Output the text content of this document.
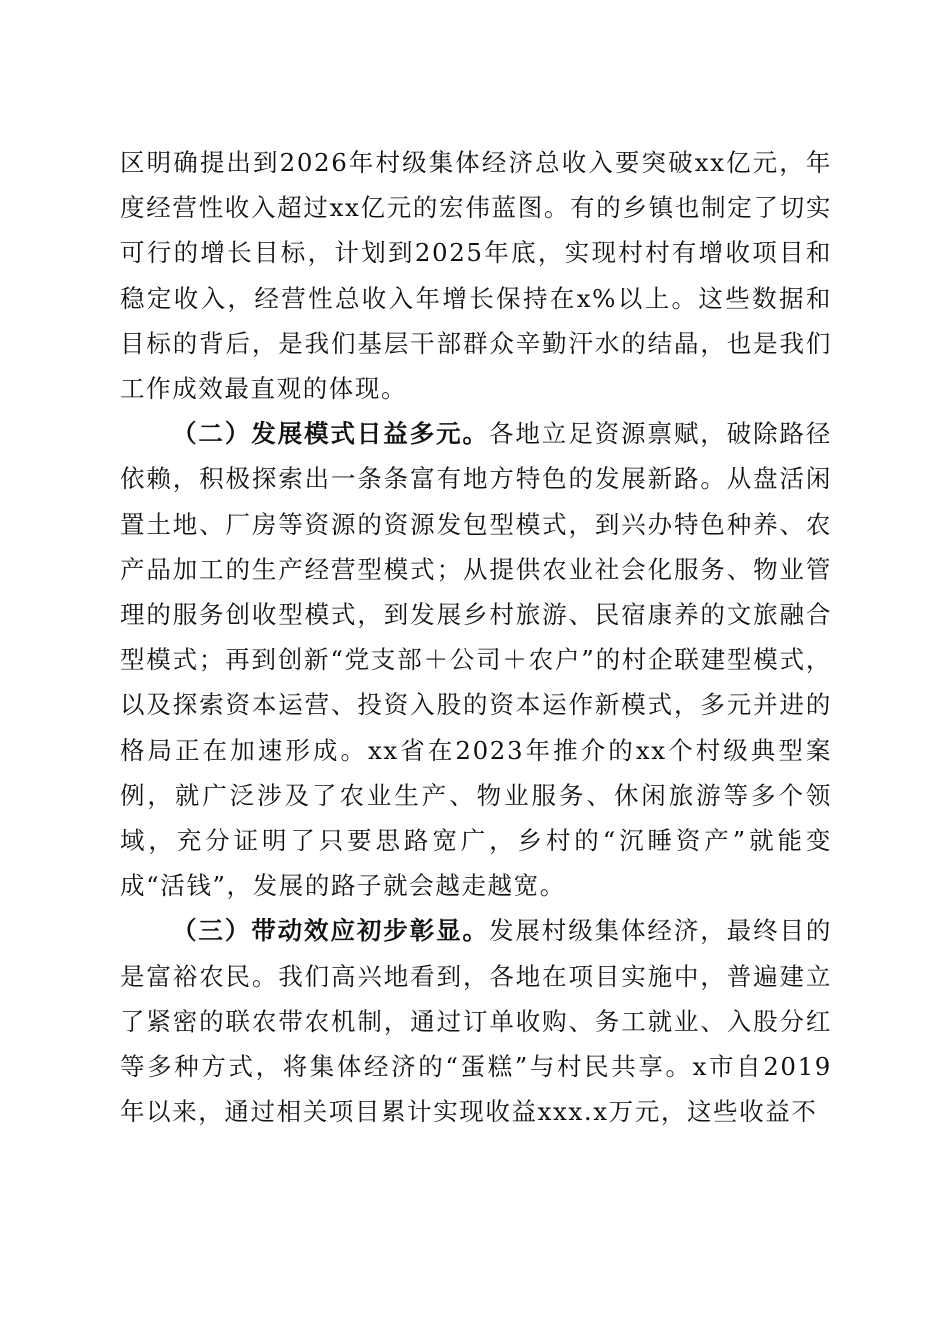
区明确提出到2026年村级集体经济总收入要突破xx亿元，年度经营性收入超过xx亿元的宏伟蓝图。有的乡镇也制定了切实可行的增长目标，计划到2025年底，实现村村有增收项目和稳定收入，经营性总收入年增长保持在x%以上。这些数据和目标的背后，是我们基层干部群众辛勤汗水的结晶，也是我们工作成效最直观的体现。

（二）发展模式日益多元。各地立足资源禀赋，破除路径依赖，积极探索出一条条富有地方特色的发展新路。从盘活闲置土地、厂房等资源的资源发包型模式，到兴办特色种养、农产品加工的生产经营型模式；从提供农业社会化服务、物业管理的服务创收型模式，到发展乡村旅游、民宿康养的文旅融合型模式；再到创新“党支部＋公司＋农户”的村企联建型模式，以及探索资本运营、投资入股的资本运作新模式，多元并进的格局正在加速形成。xx省在2023年推介的xx个村级典型案例，就广泛涉及了农业生产、物业服务、休闲旅游等多个领域，充分证明了只要思路宽广，乡村的“沉睡资产”就能变成“活钱”，发展的路子就会越走越宽。

（三）带动效应初步彰显。发展村级集体经济，最终目的是富裕农民。我们高兴地看到，各地在项目实施中，普遍建立了紧密的联农带农机制，通过订单收购、务工就业、入股分红等多种方式，将集体经济的“蛋糕”与村民共享。x市自2019年以来，通过相关项目累计实现收益xxx.x万元，这些收益不
